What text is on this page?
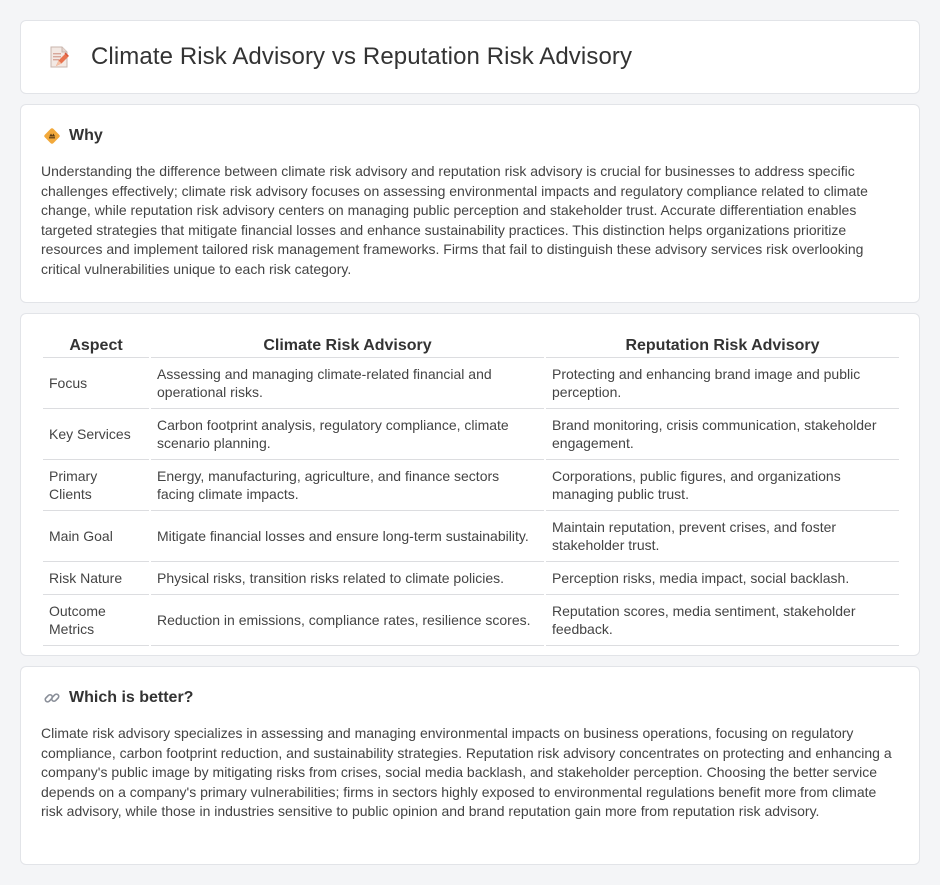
Climate Risk Advisory vs Reputation Risk Advisory
Why

Understanding the difference between climate risk advisory and reputation risk advisory is crucial for businesses to address specific challenges effectively; climate risk advisory focuses on assessing environmental impacts and regulatory compliance related to climate change, while reputation risk advisory centers on managing public perception and stakeholder trust. Accurate differentiation enables targeted strategies that mitigate financial losses and enhance sustainability practices. This distinction helps organizations prioritize resources and implement tailored risk management frameworks. Firms that fail to distinguish these advisory services risk overlooking critical vulnerabilities unique to each risk category.

Aspect	Climate Risk Advisory	Reputation Risk Advisory
Focus	Assessing and managing climate-related financial and operational risks.	Protecting and enhancing brand image and public perception.
Key Services	Carbon footprint analysis, regulatory compliance, climate scenario planning.	Brand monitoring, crisis communication, stakeholder engagement.
Primary Clients	Energy, manufacturing, agriculture, and finance sectors facing climate impacts.	Corporations, public figures, and organizations managing public trust.
Main Goal	Mitigate financial losses and ensure long-term sustainability.	Maintain reputation, prevent crises, and foster stakeholder trust.
Risk Nature	Physical risks, transition risks related to climate policies.	Perception risks, media impact, social backlash.
Outcome Metrics	Reduction in emissions, compliance rates, resilience scores.	Reputation scores, media sentiment, stakeholder feedback.
Which is better?

Climate risk advisory specializes in assessing and managing environmental impacts on business operations, focusing on regulatory compliance, carbon footprint reduction, and sustainability strategies. Reputation risk advisory concentrates on protecting and enhancing a company's public image by mitigating risks from crises, social media backlash, and stakeholder perception. Choosing the better service depends on a company's primary vulnerabilities; firms in sectors highly exposed to environmental regulations benefit more from climate risk advisory, while those in industries sensitive to public opinion and brand reputation gain more from reputation risk advisory.
